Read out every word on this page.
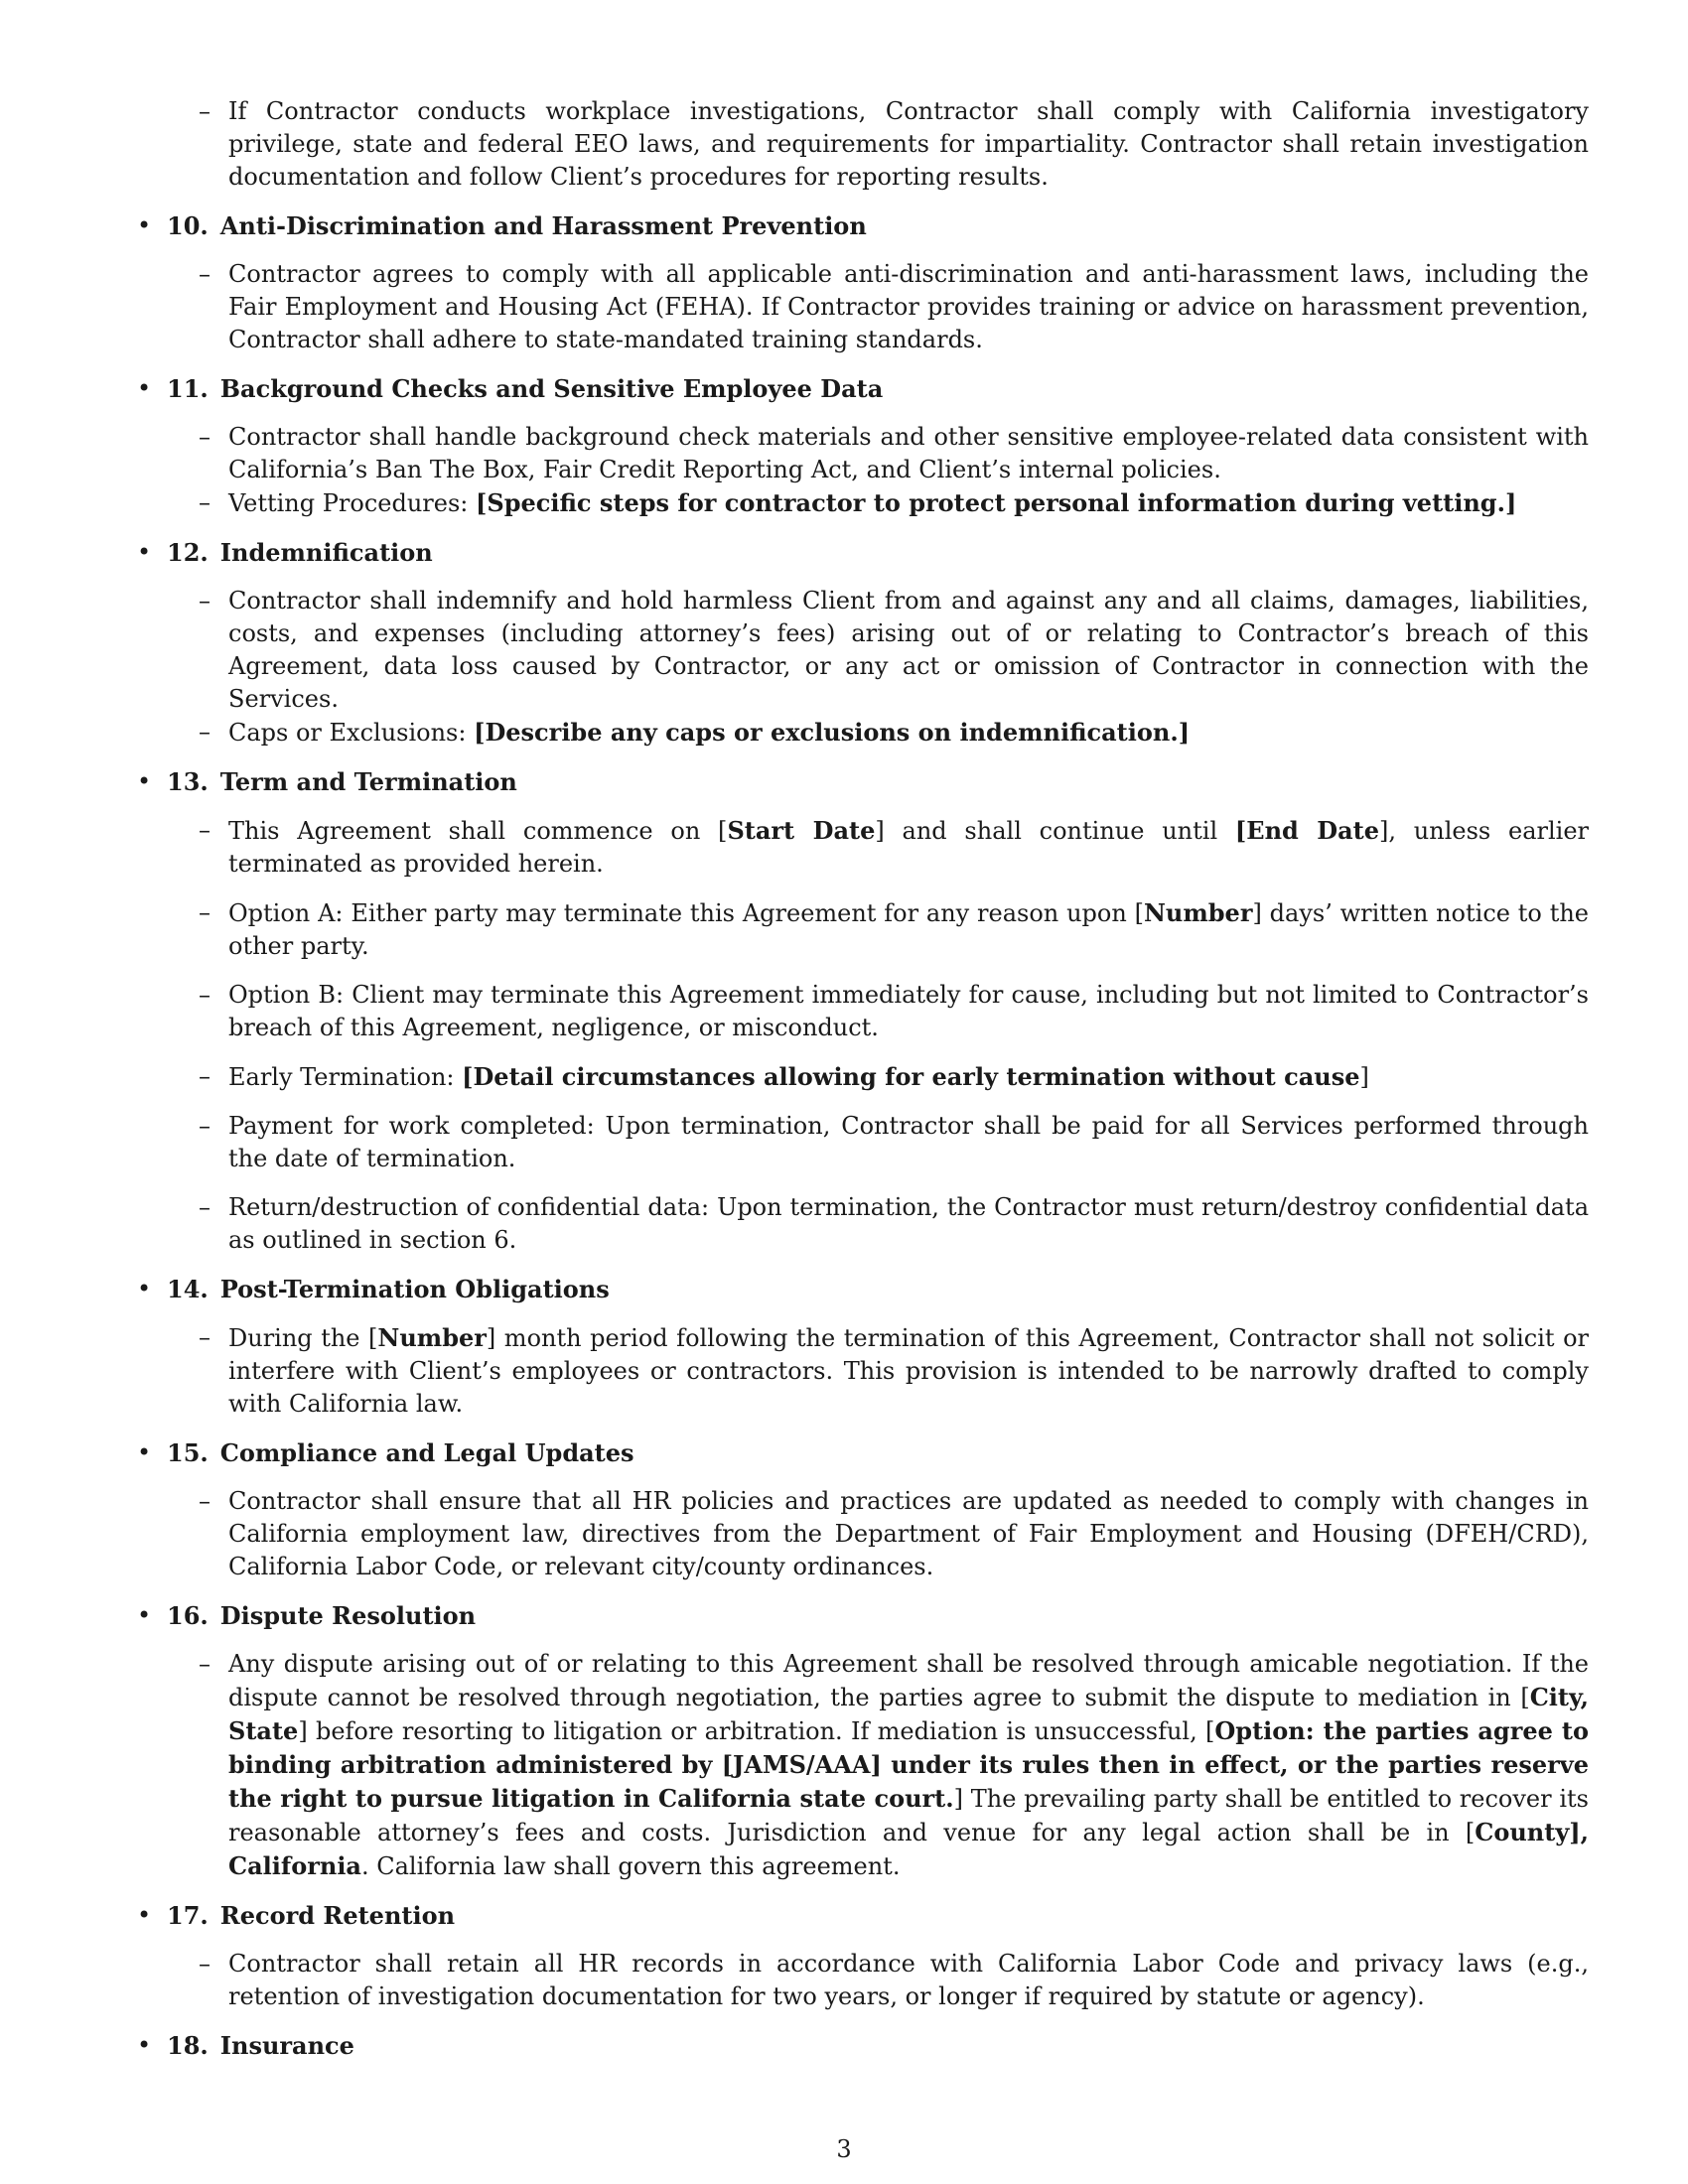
– If Contractor conducts workplace investigations, Contractor shall comply with California investigatory privilege, state and federal EEO laws, and requirements for impartiality. Contractor shall retain investigation documentation and follow Client’s procedures for reporting results.
• 10. Anti-Discrimination and Harassment Prevention
– Contractor agrees to comply with all applicable anti-discrimination and anti-harassment laws, including the Fair Employment and Housing Act (FEHA). If Contractor provides training or advice on harassment prevention, Contractor shall adhere to state-mandated training standards.
• 11. Background Checks and Sensitive Employee Data
– Contractor shall handle background check materials and other sensitive employee-related data consistent with California’s Ban The Box, Fair Credit Reporting Act, and Client’s internal policies.
– Vetting Procedures: [Specific steps for contractor to protect personal information during vetting.]
• 12. Indemnification
– Contractor shall indemnify and hold harmless Client from and against any and all claims, damages, liabilities, costs, and expenses (including attorney’s fees) arising out of or relating to Contractor’s breach of this Agreement, data loss caused by Contractor, or any act or omission of Contractor in connection with the Services.
– Caps or Exclusions: [Describe any caps or exclusions on indemnification.]
• 13. Term and Termination
– This Agreement shall commence on [Start Date] and shall continue until [End Date], unless earlier terminated as provided herein.
– Option A: Either party may terminate this Agreement for any reason upon [Number] days’ written notice to the other party.
– Option B: Client may terminate this Agreement immediately for cause, including but not limited to Contractor’s breach of this Agreement, negligence, or misconduct.
– Early Termination: [Detail circumstances allowing for early termination without cause]
– Payment for work completed: Upon termination, Contractor shall be paid for all Services performed through the date of termination.
– Return/destruction of confidential data: Upon termination, the Contractor must return/destroy confidential data as outlined in section 6.
• 14. Post-Termination Obligations
– During the [Number] month period following the termination of this Agreement, Contractor shall not solicit or interfere with Client’s employees or contractors. This provision is intended to be narrowly drafted to comply with California law.
• 15. Compliance and Legal Updates
– Contractor shall ensure that all HR policies and practices are updated as needed to comply with changes in California employment law, directives from the Department of Fair Employment and Housing (DFEH/CRD), California Labor Code, or relevant city/county ordinances.
• 16. Dispute Resolution
– Any dispute arising out of or relating to this Agreement shall be resolved through amicable negotiation. If the dispute cannot be resolved through negotiation, the parties agree to submit the dispute to mediation in [City, State] before resorting to litigation or arbitration. If mediation is unsuccessful, [Option: the parties agree to binding arbitration administered by [JAMS/AAA] under its rules then in effect, or the parties reserve the right to pursue litigation in California state court.] The prevailing party shall be entitled to recover its reasonable attorney’s fees and costs. Jurisdiction and venue for any legal action shall be in [County], California. California law shall govern this agreement.
• 17. Record Retention
– Contractor shall retain all HR records in accordance with California Labor Code and privacy laws (e.g., retention of investigation documentation for two years, or longer if required by statute or agency).
• 18. Insurance
3
